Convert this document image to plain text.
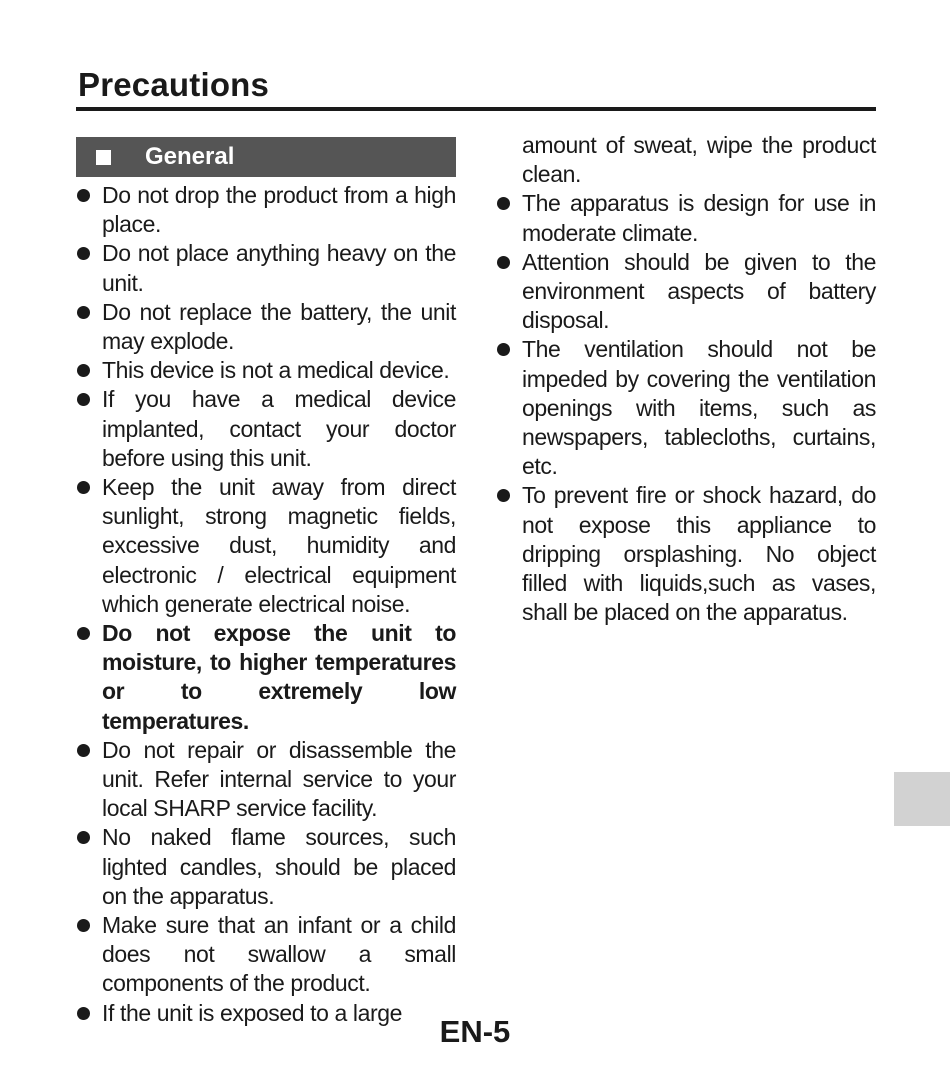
Precautions
General
Do not drop the product from a high place.
Do not place anything heavy on the unit.
Do not replace the battery, the unit may explode.
This device is not a medical device.
If you have a medical device implanted, contact your doctor before using this unit.
Keep the unit away from direct sunlight, strong magnetic fields, excessive dust, humidity and electronic / electrical equipment which generate electrical noise.
Do not expose the unit to moisture, to higher temperatures or to extremely low temperatures.
Do not repair or disassemble the unit. Refer internal service to your local SHARP service facility.
No naked flame sources, such lighted candles, should be placed on the apparatus.
Make sure that an infant or a child does not swallow a small components of the product.
If the unit is exposed to a large
amount of sweat, wipe the product clean.
The apparatus is design for use in moderate climate.
Attention should be given to the environment aspects of battery disposal.
The ventilation should not be impeded by covering the ventilation openings with items, such as newspapers, tablecloths, curtains, etc.
To prevent fire or shock hazard, do not expose this appliance to dripping orsplashing. No object filled with liquids,such as vases, shall be placed on the apparatus.
EN-5
